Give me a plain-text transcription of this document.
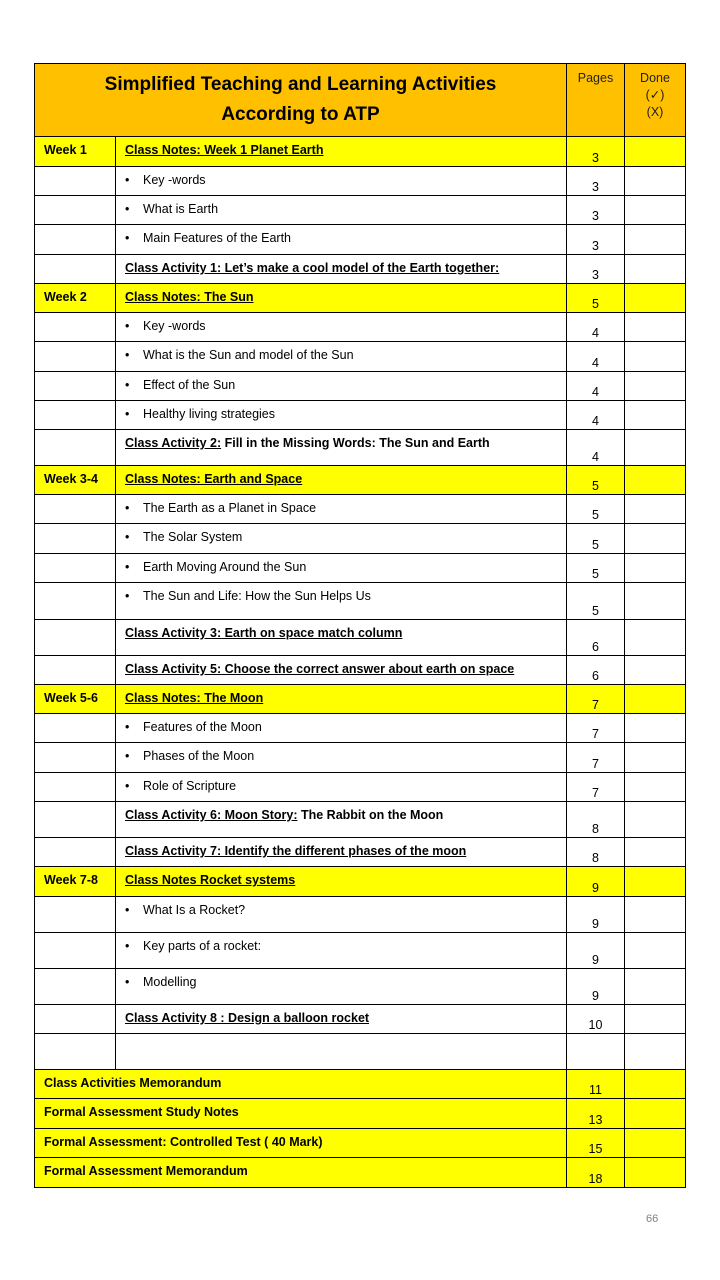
Simplified Teaching and Learning Activities
According to ATP

Pages	Done
(✓)
(X)

Week 1	Class Notes: Week 1 Planet Earth	3	

	• Key -words	3	

	• What is Earth	3	

	• Main Features of the Earth	3	

	Class Activity 1: Let’s make a cool model of the Earth together:	3	

Week 2	Class Notes: The Sun	5	

	• Key -words	4	

	• What is the Sun and model of the Sun	4	

	• Effect of the Sun	4	

	• Healthy living strategies	4	

	Class Activity 2: Fill in the Missing Words: The Sun and Earth	4	

Week 3-4	Class Notes: Earth and Space	5	

	• The Earth as a Planet in Space	5	

	• The Solar System	5	

	• Earth Moving Around the Sun	5	

	• The Sun and Life: How the Sun Helps Us	5	

	Class Activity 3: Earth on space match column	6	

	Class Activity 5: Choose the correct answer about earth on space	6	

Week 5-6	Class Notes: The Moon	7	

	• Features of the Moon	7	

	• Phases of the Moon	7	

	• Role of Scripture	7	

	Class Activity 6: Moon Story: The Rabbit on the Moon	8	

	Class Activity 7: Identify the different phases of the moon	8	

Week 7-8	Class Notes Rocket systems	9	

	• What Is a Rocket?	9	

	• Key parts of a rocket:	9	

	• Modelling	9	

	Class Activity 8 : Design a balloon rocket	10	

Class Activities Memorandum		11	

Formal Assessment Study Notes		13	

Formal Assessment: Controlled Test ( 40 Mark)		15	

Formal Assessment Memorandum		18	

66
